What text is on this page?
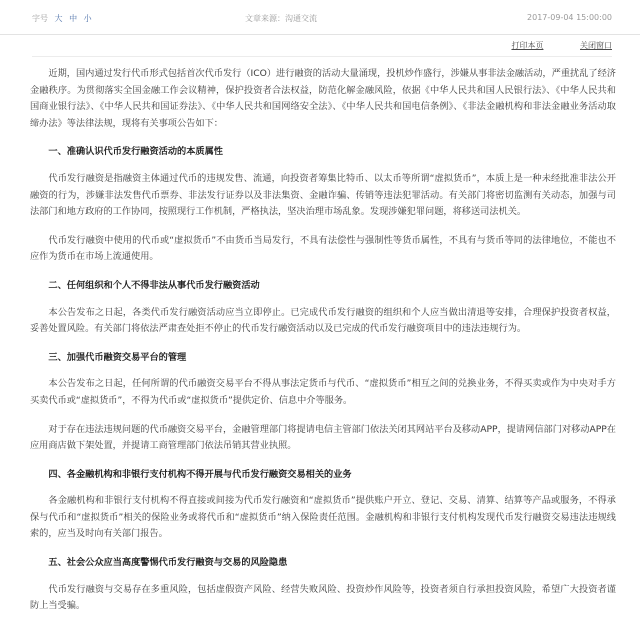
字号 大 中 小	文章来源：沟通交流	2017-09-04 15:00:00
打印本页	关闭窗口

近期，国内通过发行代币形式包括首次代币发行（ICO）进行融资的活动大量涌现，投机炒作盛行，涉嫌从事非法金融活动，严重扰乱了经济金融秩序。为贯彻落实全国金融工作会议精神，保护投资者合法权益，防范化解金融风险，依据《中华人民共和国人民银行法》、《中华人民共和国商业银行法》、《中华人民共和国证券法》、《中华人民共和国网络安全法》、《中华人民共和国电信条例》、《非法金融机构和非法金融业务活动取缔办法》等法律法规，现将有关事项公告如下：

一、准确认识代币发行融资活动的本质属性

代币发行融资是指融资主体通过代币的违规发售、流通，向投资者筹集比特币、以太币等所谓“虚拟货币”，本质上是一种未经批准非法公开融资的行为，涉嫌非法发售代币票券、非法发行证券以及非法集资、金融诈骗、传销等违法犯罪活动。有关部门将密切监测有关动态，加强与司法部门和地方政府的工作协同，按照现行工作机制，严格执法，坚决治理市场乱象。发现涉嫌犯罪问题，将移送司法机关。

代币发行融资中使用的代币或“虚拟货币”不由货币当局发行，不具有法偿性与强制性等货币属性，不具有与货币等同的法律地位，不能也不应作为货币在市场上流通使用。

二、任何组织和个人不得非法从事代币发行融资活动

本公告发布之日起，各类代币发行融资活动应当立即停止。已完成代币发行融资的组织和个人应当做出清退等安排，合理保护投资者权益，妥善处置风险。有关部门将依法严肃查处拒不停止的代币发行融资活动以及已完成的代币发行融资项目中的违法违规行为。

三、加强代币融资交易平台的管理

本公告发布之日起，任何所谓的代币融资交易平台不得从事法定货币与代币、“虚拟货币”相互之间的兑换业务，不得买卖或作为中央对手方买卖代币或“虚拟货币”，不得为代币或“虚拟货币”提供定价、信息中介等服务。

对于存在违法违规问题的代币融资交易平台，金融管理部门将提请电信主管部门依法关闭其网站平台及移动APP，提请网信部门对移动APP在应用商店做下架处置，并提请工商管理部门依法吊销其营业执照。

四、各金融机构和非银行支付机构不得开展与代币发行融资交易相关的业务

各金融机构和非银行支付机构不得直接或间接为代币发行融资和“虚拟货币”提供账户开立、登记、交易、清算、结算等产品或服务，不得承保与代币和“虚拟货币”相关的保险业务或将代币和“虚拟货币”纳入保险责任范围。金融机构和非银行支付机构发现代币发行融资交易违法违规线索的，应当及时向有关部门报告。

五、社会公众应当高度警惕代币发行融资与交易的风险隐患

代币发行融资与交易存在多重风险，包括虚假资产风险、经营失败风险、投资炒作风险等，投资者须自行承担投资风险，希望广大投资者谨防上当受骗。
